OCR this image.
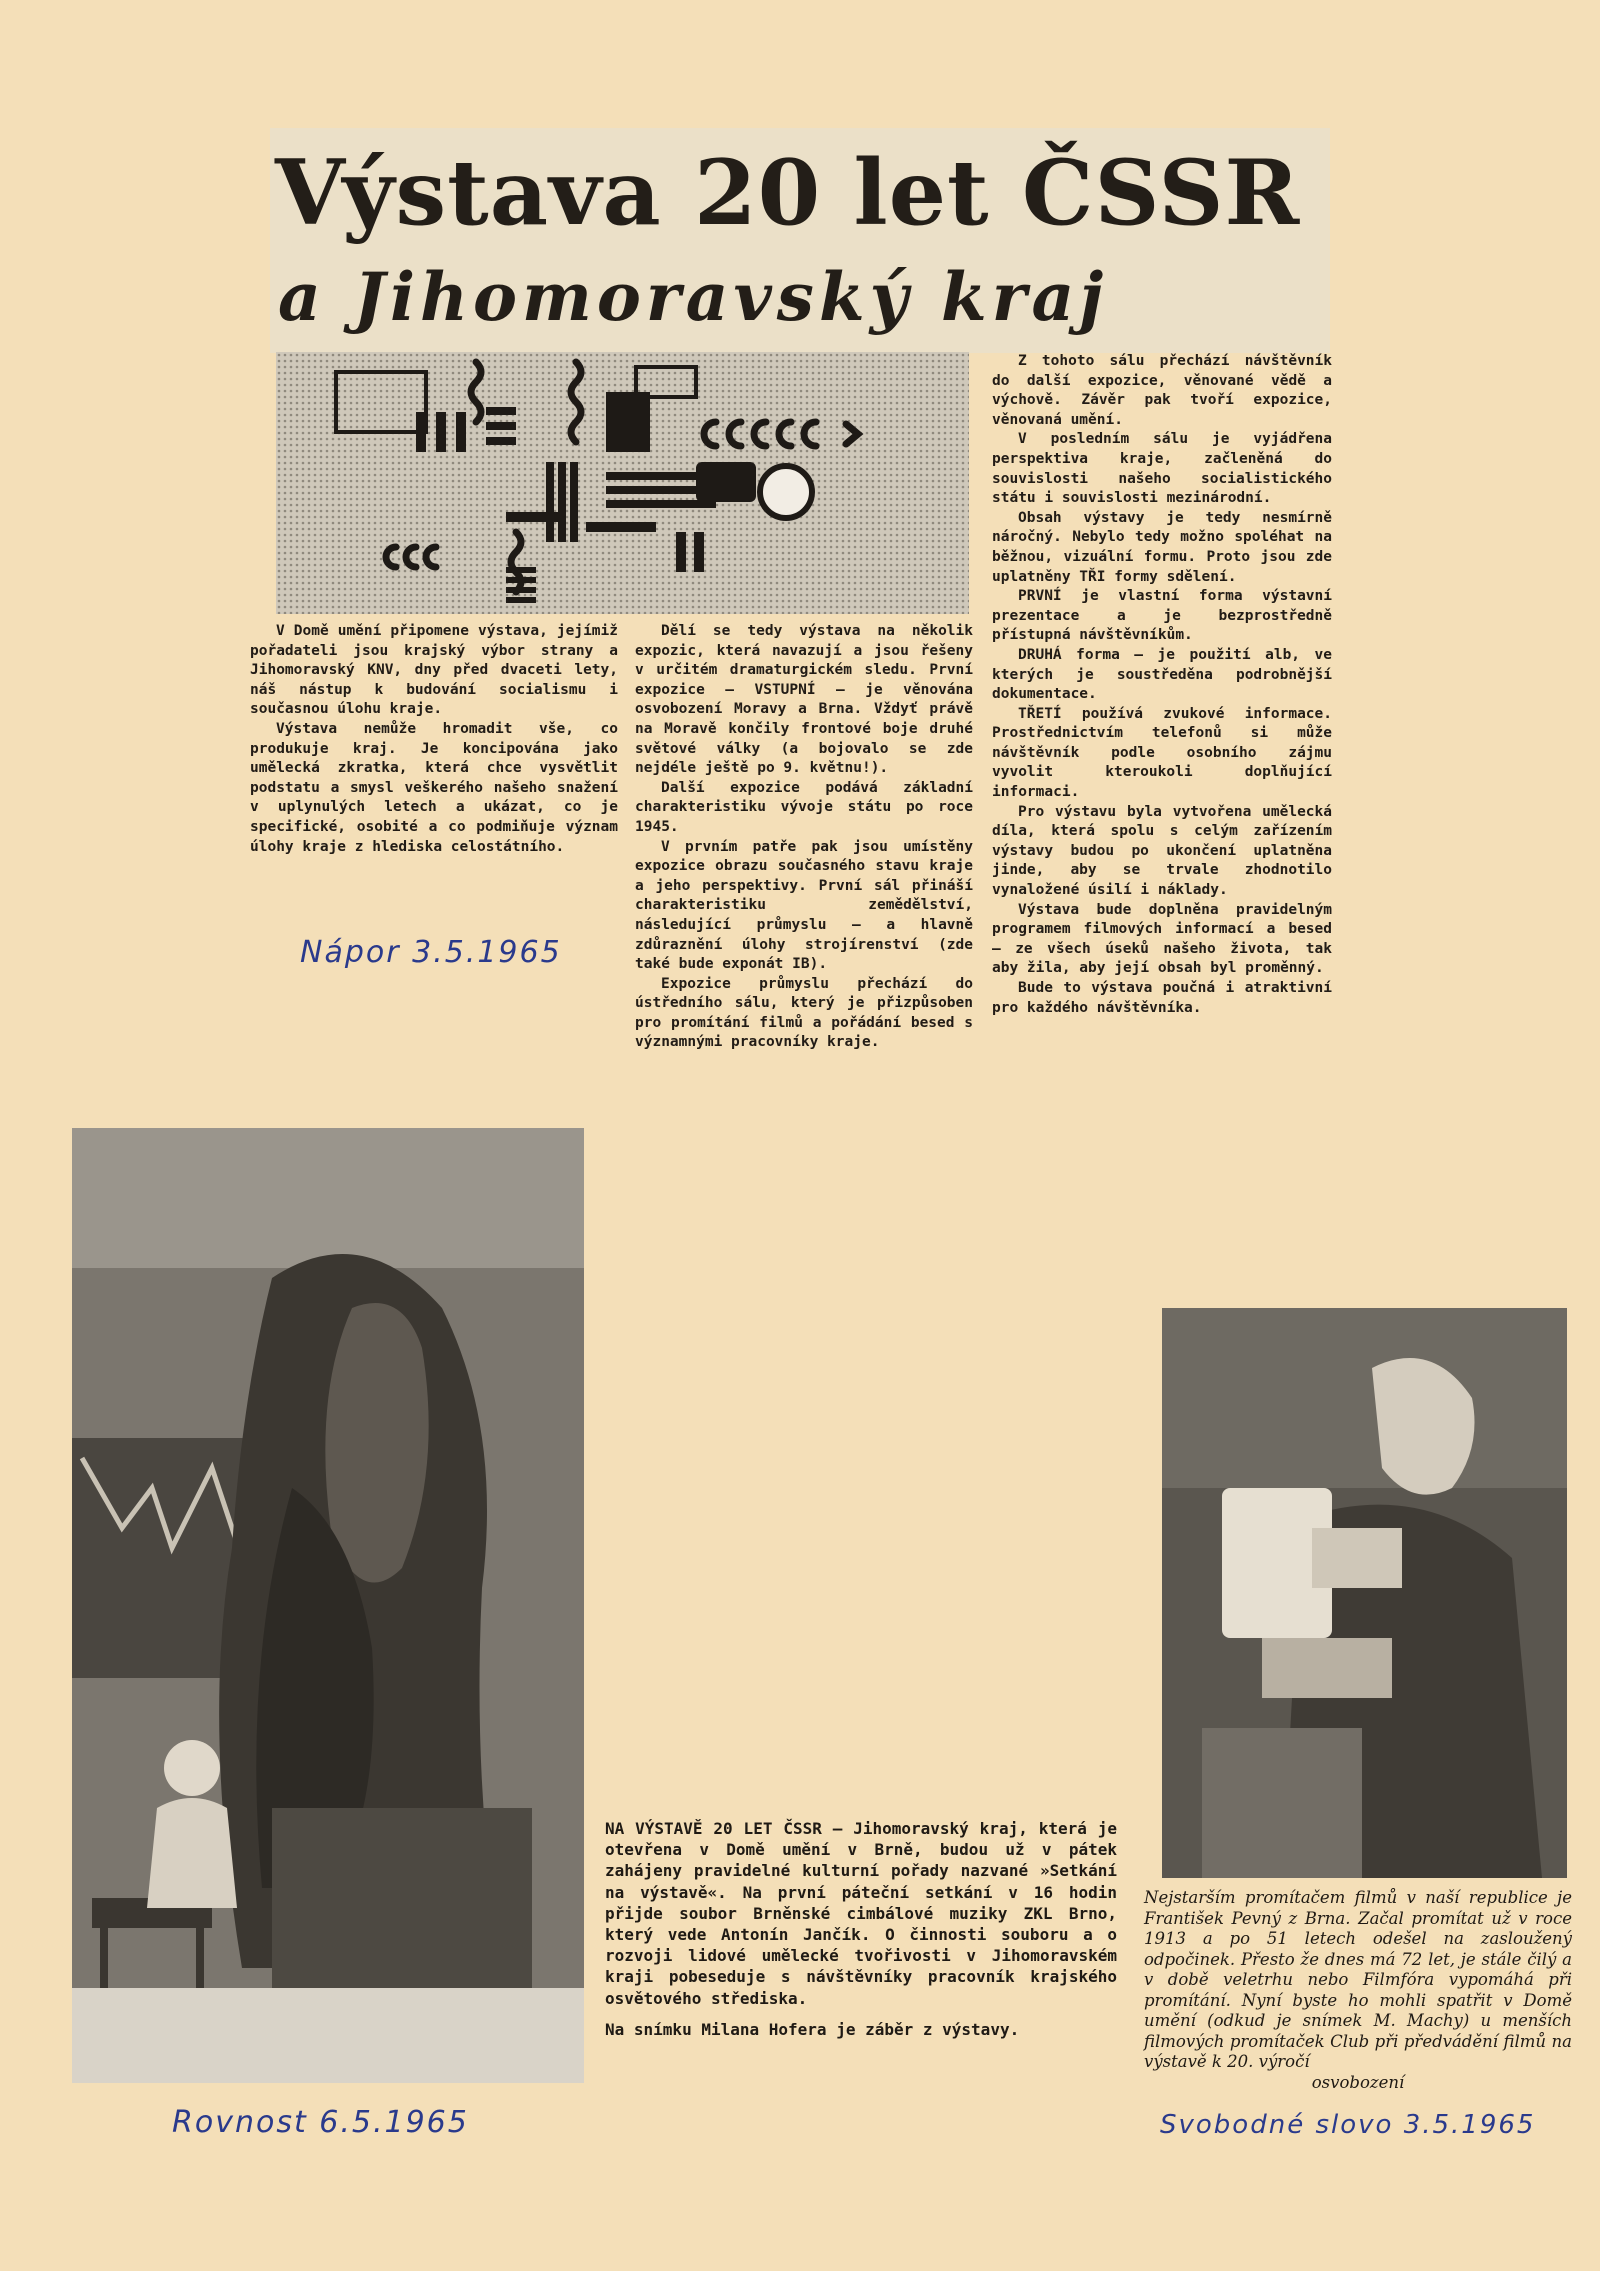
Výstava 20 let ČSSR
a Jihomoravský kraj

V Domě umění připomene výstava, jejímiž pořadateli jsou krajský výbor strany a Jihomoravský KNV, dny před dvaceti lety, náš nástup k budování socialismu i současnou úlohu kraje.

Výstava nemůže hromadit vše, co produkuje kraj. Je koncipována jako umělecká zkratka, která chce vysvětlit podstatu a smysl veškerého našeho snažení v uplynulých letech a ukázat, co je specifické, osobité a co podmiňuje význam úlohy kraje z hlediska celostátního.

Dělí se tedy výstava na několik expozic, která navazují a jsou řešeny v určitém dramaturgickém sledu. První expozice — VSTUPNÍ — je věnována osvobození Moravy a Brna. Vždyť právě na Moravě končily frontové boje druhé světové války (a bojovalo se zde nejdéle ještě po 9. květnu!).

Další expozice podává základní charakteristiku vývoje státu po roce 1945.

V prvním patře pak jsou umístěny expozice obrazu současného stavu kraje a jeho perspektivy. První sál přináší charakteristiku zemědělství, následující průmyslu — a hlavně zdůraznění úlohy strojírenství (zde také bude exponát IB).

Expozice průmyslu přechází do ústředního sálu, který je přizpůsoben pro promítání filmů a pořádání besed s významnými pracovníky kraje.

Z tohoto sálu přechází návštěvník do další expozice, věnované vědě a výchově. Závěr pak tvoří expozice, věnovaná umění.

V posledním sálu je vyjádřena perspektiva kraje, začleněná do souvislosti našeho socialistického státu i souvislosti mezinárodní.

Obsah výstavy je tedy nesmírně náročný. Nebylo tedy možno spoléhat na běžnou, vizuální formu. Proto jsou zde uplatněny TŘI formy sdělení.

PRVNÍ je vlastní forma výstavní prezentace a je bezprostředně přístupná návštěvníkům.

DRUHÁ forma — je použití alb, ve kterých je soustředěna podrobnější dokumentace.

TŘETÍ používá zvukové informace. Prostřednictvím telefonů si může návštěvník podle osobního zájmu vyvolit kteroukoli doplňující informaci.

Pro výstavu byla vytvořena umělecká díla, která spolu s celým zařízením výstavy budou po ukončení uplatněna jinde, aby se trvale zhodnotilo vynaložené úsilí i náklady.

Výstava bude doplněna pravidelným programem filmových informací a besed — ze všech úseků našeho života, tak aby žila, aby její obsah byl proměnný.

Bude to výstava poučná i atraktivní pro každého návštěvníka.

Nápor 3.5.1965

NA VÝSTAVĚ 20 LET ČSSR — Jihomoravský kraj, která je otevřena v Domě umění v Brně, budou už v pátek zahájeny pravidelné kulturní pořady nazvané »Setkání na výstavě«. Na první páteční setkání v 16 hodin přijde soubor Brněnské cimbálové muziky ZKL Brno, který vede Antonín Jančík. O činnosti souboru a o rozvoji lidové umělecké tvořivosti v Jihomoravském kraji pobeseduje s návštěvníky pracovník krajského osvětového střediska.

Na snímku Milana Hofera je záběr z výstavy.

Rovnost 6.5.1965

Nejstarším promítačem filmů v naší republice je František Pevný z Brna. Začal promítat už v roce 1913 a po 51 letech odešel na zasloužený odpočinek. Přesto že dnes má 72 let, je stále čilý a v době veletrhu nebo Filmfóra vypomáhá při promítání. Nyní byste ho mohli spatřit v Domě umění (odkud je snímek M. Machy) u menších filmových promítaček Club při předvádění filmů na výstavě k 20. výročí

osvobození

Svobodné slovo 3.5.1965
